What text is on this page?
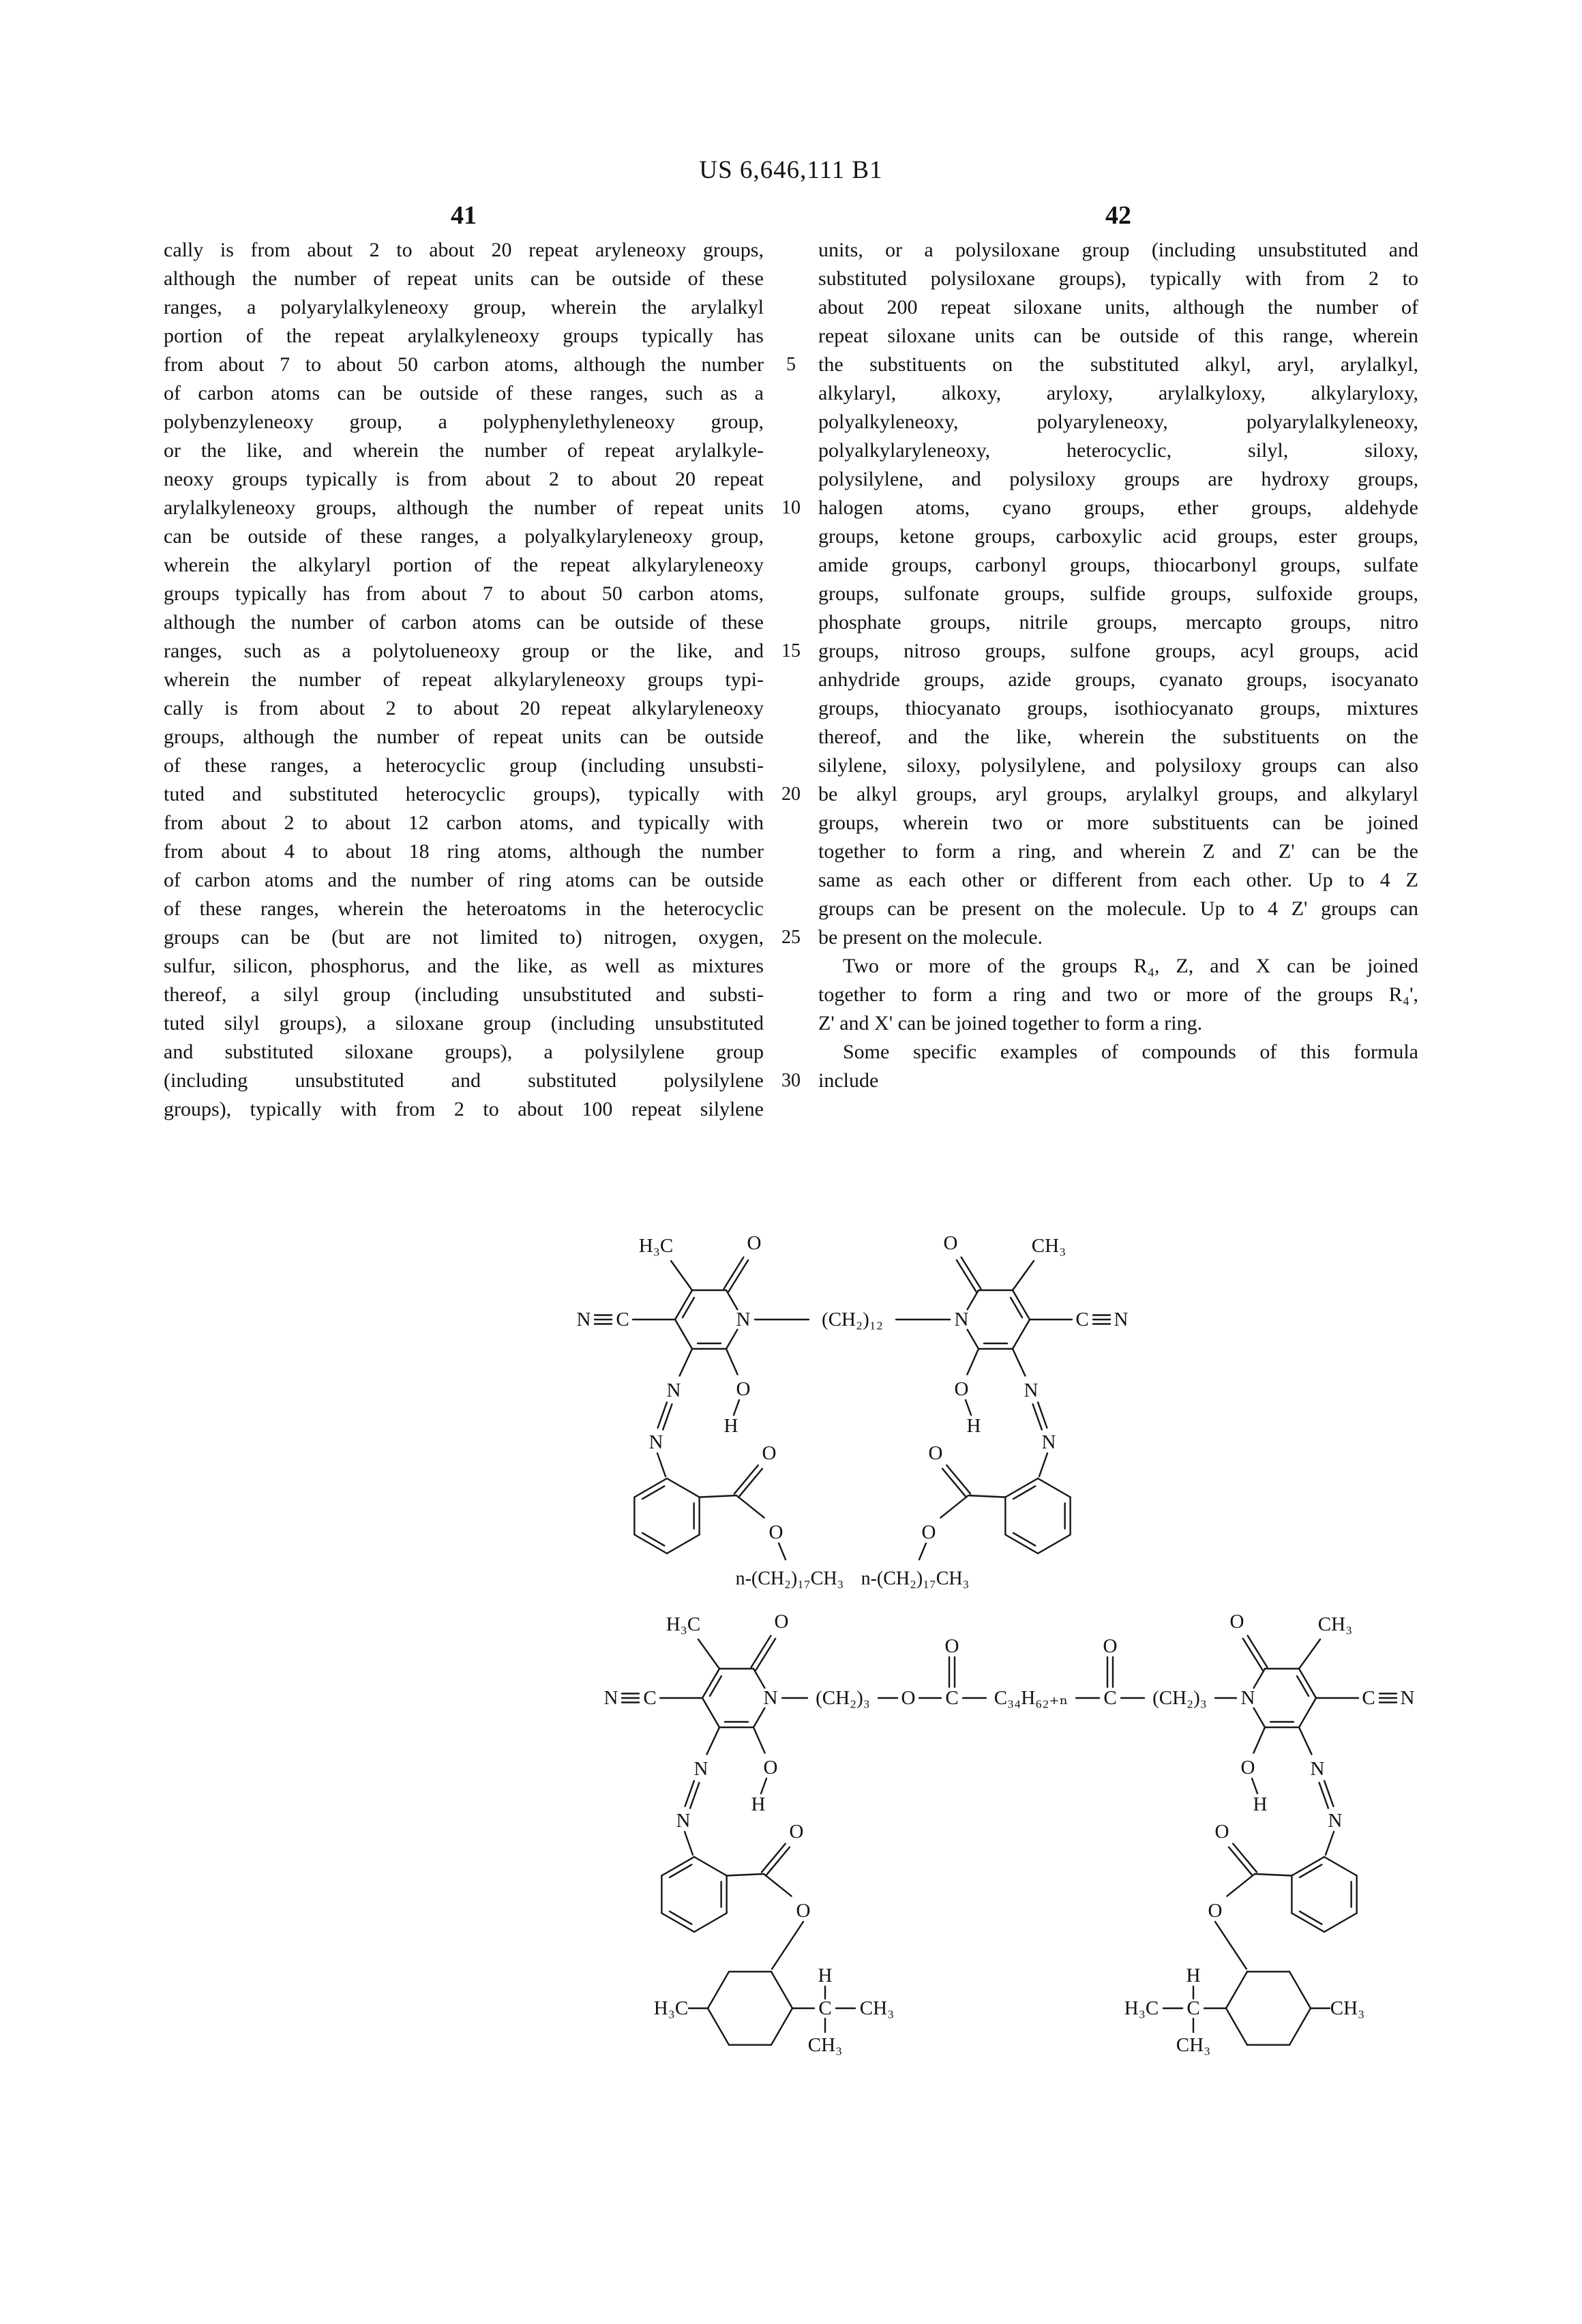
US 6,646,111 B1
41	42
cally is from about 2 to about 20 repeat aryleneoxy groups,
although the number of repeat units can be outside of these
ranges, a polyarylalkyleneoxy group, wherein the arylalkyl
portion of the repeat arylalkyleneoxy groups typically has
from about 7 to about 50 carbon atoms, although the number
of carbon atoms can be outside of these ranges, such as a
polybenzyleneoxy group, a polyphenylethyleneoxy group,
or the like, and wherein the number of repeat arylalkyle-
neoxy groups typically is from about 2 to about 20 repeat
arylalkyleneoxy groups, although the number of repeat units
can be outside of these ranges, a polyalkylaryleneoxy group,
wherein the alkylaryl portion of the repeat alkylaryleneoxy
groups typically has from about 7 to about 50 carbon atoms,
although the number of carbon atoms can be outside of these
ranges, such as a polytolueneoxy group or the like, and
wherein the number of repeat alkylaryleneoxy groups typi-
cally is from about 2 to about 20 repeat alkylaryleneoxy
groups, although the number of repeat units can be outside
of these ranges, a heterocyclic group (including unsubsti-
tuted and substituted heterocyclic groups), typically with
from about 2 to about 12 carbon atoms, and typically with
from about 4 to about 18 ring atoms, although the number
of carbon atoms and the number of ring atoms can be outside
of these ranges, wherein the heteroatoms in the heterocyclic
groups can be (but are not limited to) nitrogen, oxygen,
sulfur, silicon, phosphorus, and the like, as well as mixtures
thereof, a silyl group (including unsubstituted and substi-
tuted silyl groups), a siloxane group (including unsubstituted
and substituted siloxane groups), a polysilylene group
(including unsubstituted and substituted polysilylene
groups), typically with from 2 to about 100 repeat silylene
5
10
15
20
25
30
units, or a polysiloxane group (including unsubstituted and
substituted polysiloxane groups), typically with from 2 to
about 200 repeat siloxane units, although the number of
repeat siloxane units can be outside of this range, wherein
the substituents on the substituted alkyl, aryl, arylalkyl,
alkylaryl, alkoxy, aryloxy, arylalkyloxy, alkylaryloxy,
polyalkyleneoxy, polyaryleneoxy, polyarylalkyleneoxy,
polyalkylaryleneoxy, heterocyclic, silyl, siloxy,
polysilylene, and polysiloxy groups are hydroxy groups,
halogen atoms, cyano groups, ether groups, aldehyde
groups, ketone groups, carboxylic acid groups, ester groups,
amide groups, carbonyl groups, thiocarbonyl groups, sulfate
groups, sulfonate groups, sulfide groups, sulfoxide groups,
phosphate groups, nitrile groups, mercapto groups, nitro
groups, nitroso groups, sulfone groups, acyl groups, acid
anhydride groups, azide groups, cyanato groups, isocyanato
groups, thiocyanato groups, isothiocyanato groups, mixtures
thereof, and the like, wherein the substituents on the
silylene, siloxy, polysilylene, and polysiloxy groups can also
be alkyl groups, aryl groups, arylalkyl groups, and alkylaryl
groups, wherein two or more substituents can be joined
together to form a ring, and wherein Z and Z' can be the
same as each other or different from each other. Up to 4 Z
groups can be present on the molecule. Up to 4 Z' groups can
be present on the molecule.
Two or more of the groups R₄, Z, and X can be joined
together to form a ring and two or more of the groups R₄',
Z' and X' can be joined together to form a ring.
Some specific examples of compounds of this formula
include
N
H₃C	O
C
N
O
H
N
N	O
O
n-(CH₂)₁₇CH₃
N
CH₃
O
C N
O
H
N
N
O
O
n-(CH₂)₁₇CH₃
(CH₂)₁₂
N
H₃C	O
C
N
O
H
N
N	O
O
H₃C	C
H
CH₃
CH₃
N
CH₃
O
C N
O
H
N
N
O
O
CH₃
C
H
H₃C
CH₃
(CH₂)₃ O C
O
C₃₄H₆₂₊ₙ C
O
(CH₂)₃
